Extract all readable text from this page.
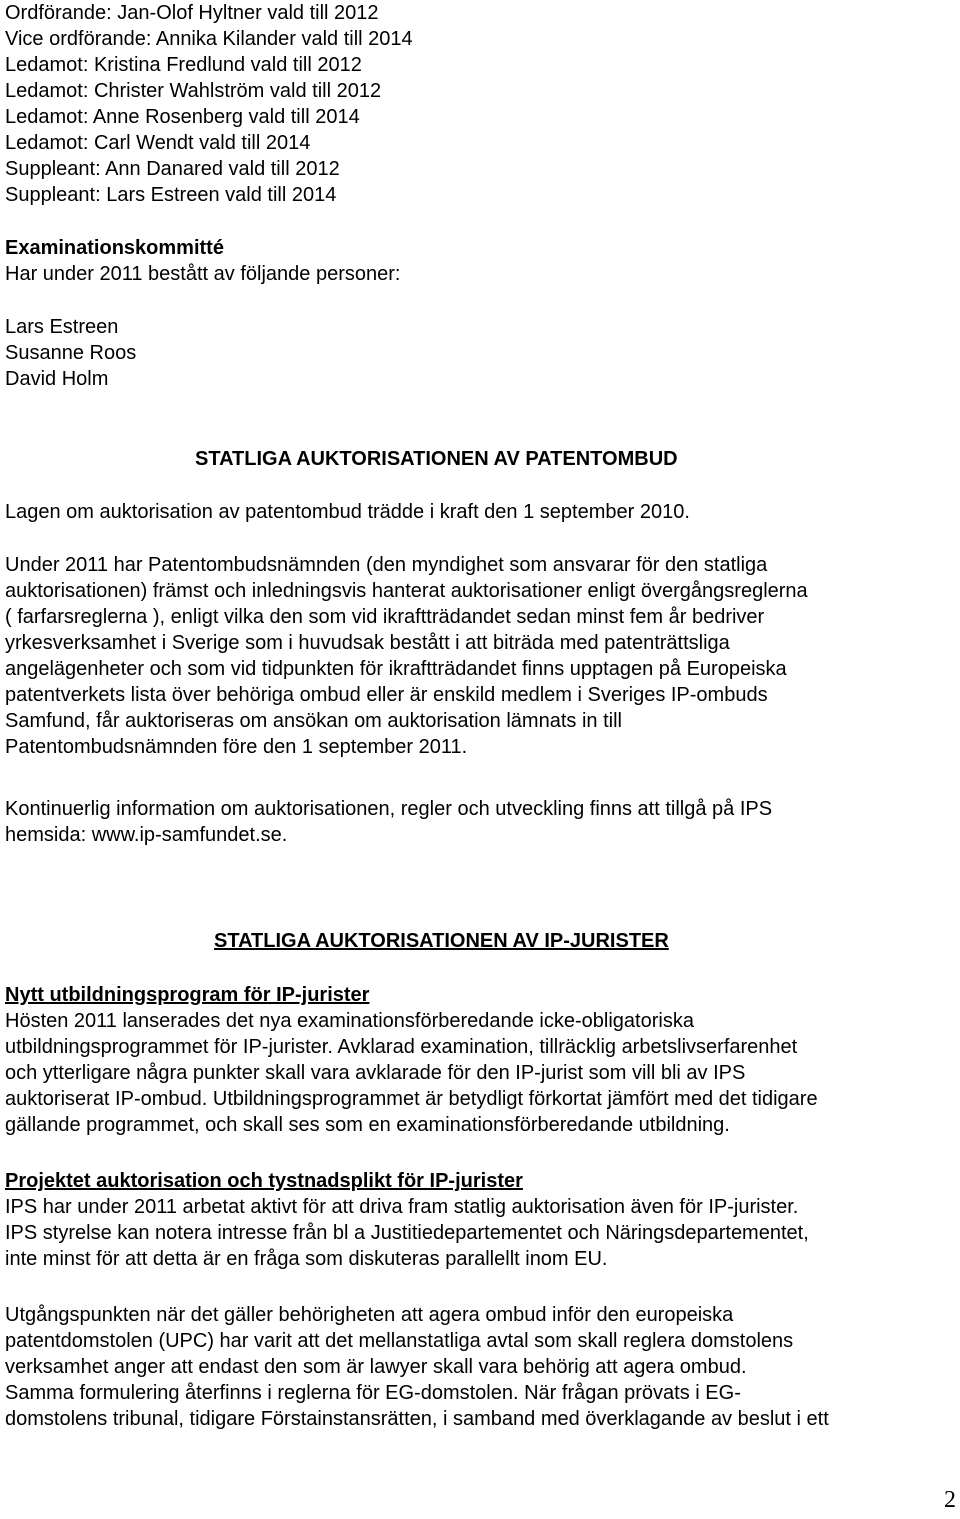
Ordförande: Jan-Olof Hyltner vald till 2012

Vice ordförande: Annika Kilander vald till 2014

Ledamot: Kristina Fredlund vald till 2012

Ledamot: Christer Wahlström vald till 2012

Ledamot: Anne Rosenberg vald till 2014

Ledamot: Carl Wendt vald till 2014

Suppleant: Ann Danared vald till 2012

Suppleant: Lars Estreen vald till 2014

Examinationskommitté

Har under 2011 bestått av följande personer:

Lars Estreen

Susanne Roos

David Holm

STATLIGA AUKTORISATIONEN AV PATENTOMBUD

Lagen om auktorisation av patentombud trädde i kraft den 1 september 2010.

Under 2011 har Patentombudsnämnden (den myndighet som ansvarar för den statliga

auktorisationen) främst och inledningsvis hanterat auktorisationer enligt övergångsreglerna

( farfarsreglerna ), enligt vilka den som vid ikraftträdandet sedan minst fem år bedriver

yrkesverksamhet i Sverige som i huvudsak bestått i att biträda med patenträttsliga

angelägenheter och som vid tidpunkten för ikraftträdandet finns upptagen på Europeiska

patentverkets lista över behöriga ombud eller är enskild medlem i Sveriges IP-ombuds

Samfund, får auktoriseras om ansökan om auktorisation lämnats in till

Patentombudsnämnden före den 1 september 2011.

Kontinuerlig information om auktorisationen, regler och utveckling finns att tillgå på IPS

hemsida: www.ip-samfundet.se.

STATLIGA AUKTORISATIONEN AV IP-JURISTER

Nytt utbildningsprogram för IP-jurister

Hösten 2011 lanserades det nya examinationsförberedande icke-obligatoriska

utbildningsprogrammet för IP-jurister. Avklarad examination, tillräcklig arbetslivserfarenhet

och ytterligare några punkter skall vara avklarade för den IP-jurist som vill bli av IPS

auktoriserat IP-ombud. Utbildningsprogrammet är betydligt förkortat jämfört med det tidigare

gällande programmet, och skall ses som en examinationsförberedande utbildning.

Projektet auktorisation och tystnadsplikt för IP-jurister

IPS har under 2011 arbetat aktivt för att driva fram statlig auktorisation även för IP-jurister.

IPS styrelse kan notera intresse från bl a Justitiedepartementet och Näringsdepartementet,

inte minst för att detta är en fråga som diskuteras parallellt inom EU.

Utgångspunkten när det gäller behörigheten att agera ombud inför den europeiska

patentdomstolen (UPC) har varit att det mellanstatliga avtal som skall reglera domstolens

verksamhet anger att endast den som är lawyer skall vara behörig att agera ombud.

Samma formulering återfinns i reglerna för EG-domstolen. När frågan prövats i EG-

domstolens tribunal, tidigare Förstainstansrätten, i samband med överklagande av beslut i ett

2
